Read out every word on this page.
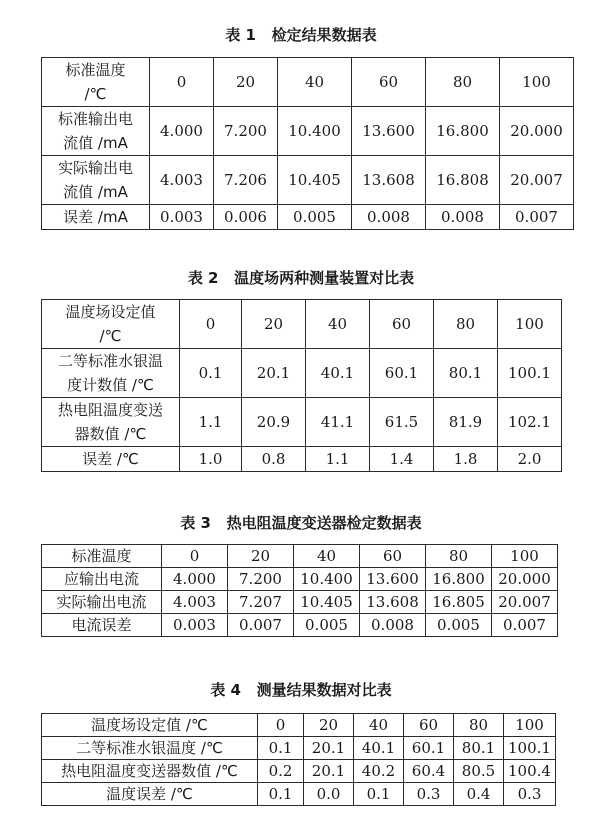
表 1   检定结果数据表
标准温度
/℃	0	20	40	60	80	100
标准输出电
流值 /mA	4.000	7.200	10.400	13.600	16.800	20.000
实际输出电
流值 /mA	4.003	7.206	10.405	13.608	16.808	20.007
误差 /mA	0.003	0.006	0.005	0.008	0.008	0.007
表 2   温度场两种测量装置对比表
温度场设定值
/℃	0	20	40	60	80	100
二等标准水银温
度计数值 /℃	0.1	20.1	40.1	60.1	80.1	100.1
热电阻温度变送
器数值 /℃	1.1	20.9	41.1	61.5	81.9	102.1
误差 /℃	1.0	0.8	1.1	1.4	1.8	2.0
表 3   热电阻温度变送器检定数据表
标准温度	0	20	40	60	80	100
应输出电流	4.000	7.200	10.400	13.600	16.800	20.000
实际输出电流	4.003	7.207	10.405	13.608	16.805	20.007
电流误差	0.003	0.007	0.005	0.008	0.005	0.007
表 4   测量结果数据对比表
温度场设定值 /℃	0	20	40	60	80	100
二等标准水银温度 /℃	0.1	20.1	40.1	60.1	80.1	100.1
热电阻温度变送器数值 /℃	0.2	20.1	40.2	60.4	80.5	100.4
温度误差 /℃	0.1	0.0	0.1	0.3	0.4	0.3
